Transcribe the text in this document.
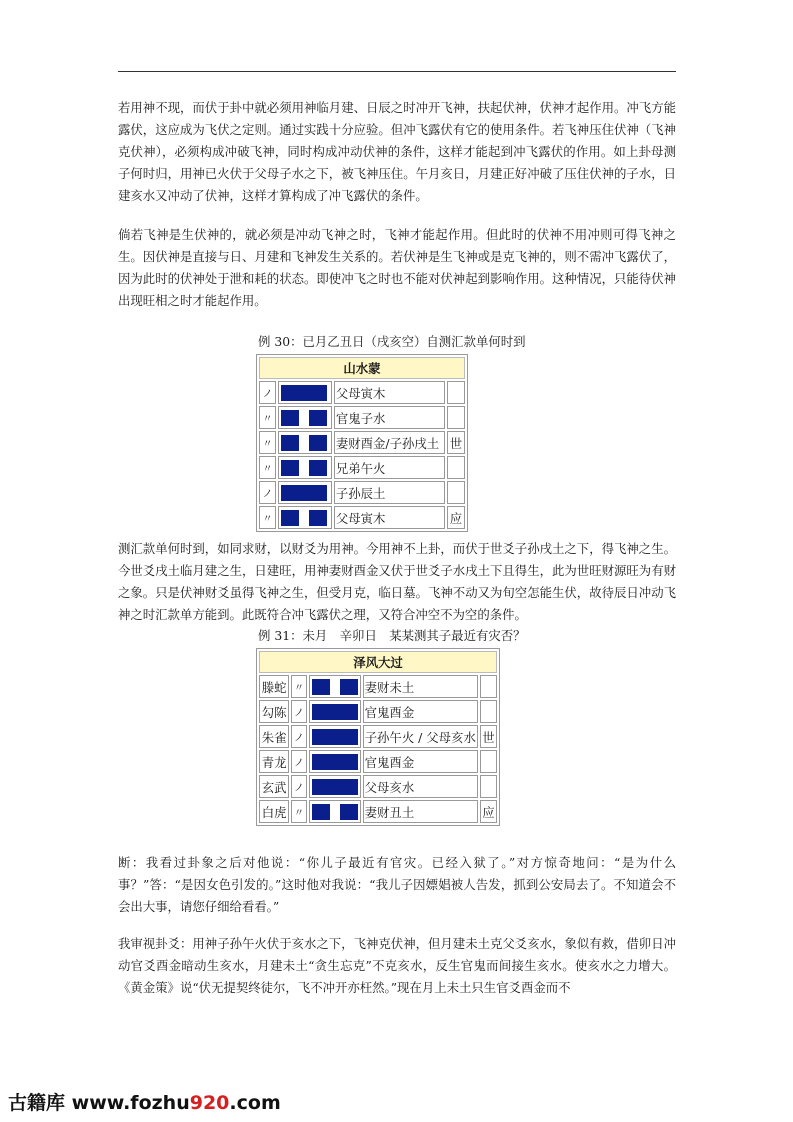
若用神不现，而伏于卦中就必须用神临月建、日辰之时冲开飞神，扶起伏神，伏神才起作用。冲飞方能露伏，这应成为飞伏之定则。通过实践十分应验。但冲飞露伏有它的使用条件。若飞神压住伏神（飞神克伏神），必须构成冲破飞神，同时构成冲动伏神的条件，这样才能起到冲飞露伏的作用。如上卦母测子何时归，用神已火伏于父母子水之下，被飞神压住。午月亥日，月建正好冲破了压住伏神的子水，日建亥水又冲动了伏神，这样才算构成了冲飞露伏的条件。

倘若飞神是生伏神的，就必须是冲动飞神之时，飞神才能起作用。但此时的伏神不用冲则可得飞神之生。因伏神是直接与日、月建和飞神发生关系的。若伏神是生飞神或是克飞神的，则不需冲飞露伏了，因为此时的伏神处于泄和耗的状态。即使冲飞之时也不能对伏神起到影响作用。这种情况，只能待伏神出现旺相之时才能起作用。

例 30：已月乙丑日（戌亥空）自测汇款单何时到
山水蒙			
ノ		父母寅木	
〃		官鬼子水	
〃		妻财酉金/子孙戌土	世
〃		兄弟午火	
ノ		子孙辰土	
〃		父母寅木	应

测汇款单何时到，如同求财，以财爻为用神。今用神不上卦，而伏于世爻子孙戌土之下，得飞神之生。今世爻戌土临月建之生，日建旺，用神妻财酉金又伏于世爻子水戌土下且得生，此为世旺财源旺为有财之象。只是伏神财爻虽得飞神之生，但受月克，临日墓。飞神不动又为旬空怎能生伏，故待辰日冲动飞神之时汇款单方能到。此既符合冲飞露伏之理，又符合冲空不为空的条件。

例 31：未月　辛卯日　某某测其子最近有灾否？
泽风大过				
滕蛇	〃		妻财未土	
勾陈	ノ		官鬼酉金	
朱雀	ノ		子孙午火 / 父母亥水	世
青龙	ノ		官鬼酉金	
玄武	ノ		父母亥水	
白虎	〃		妻财丑土	应

断：我看过卦象之后对他说：“你儿子最近有官灾。已经入狱了。”对方惊奇地问：“是为什么事？”答：“是因女色引发的。”这时他对我说：“我儿子因嫖娼被人告发，抓到公安局去了。不知道会不会出大事，请您仔细给看看。”

我审视卦爻：用神子孙午火伏于亥水之下，飞神克伏神，但月建未土克父爻亥水，象似有救，借卯日冲动官爻酉金暗动生亥水，月建未土“贪生忘克”不克亥水，反生官鬼而间接生亥水。使亥水之力增大。《黄金策》说“伏无提契终徒尔，飞不冲开亦枉然。”现在月上未土只生官爻酉金而不

古籍库 www.fozhu920.com
